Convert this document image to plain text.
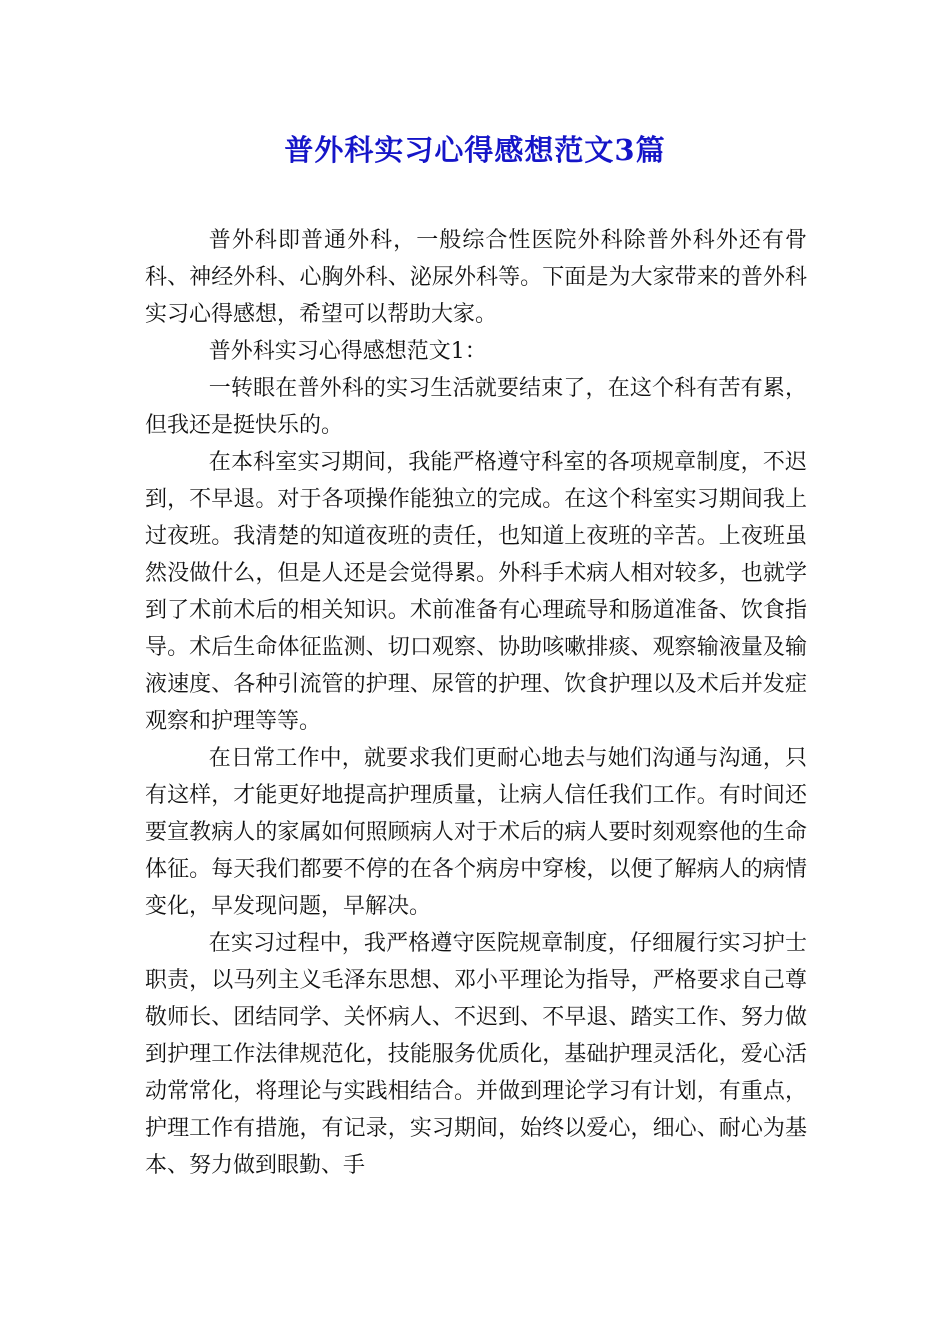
普外科实习心得感想范文3篇

普外科即普通外科，一般综合性医院外科除普外科外还有骨科、神经外科、心胸外科、泌尿外科等。下面是为大家带来的普外科实习心得感想，希望可以帮助大家。

普外科实习心得感想范文1：

一转眼在普外科的实习生活就要结束了，在这个科有苦有累，但我还是挺快乐的。

在本科室实习期间，我能严格遵守科室的各项规章制度，不迟到，不早退。对于各项操作能独立的完成。在这个科室实习期间我上过夜班。我清楚的知道夜班的责任，也知道上夜班的辛苦。上夜班虽然没做什么，但是人还是会觉得累。外科手术病人相对较多，也就学到了术前术后的相关知识。术前准备有心理疏导和肠道准备、饮食指导。术后生命体征监测、切口观察、协助咳嗽排痰、观察输液量及输液速度、各种引流管的护理、尿管的护理、饮食护理以及术后并发症观察和护理等等。

在日常工作中，就要求我们更耐心地去与她们沟通与沟通，只有这样，才能更好地提高护理质量，让病人信任我们工作。有时间还要宣教病人的家属如何照顾病人对于术后的病人要时刻观察他的生命体征。每天我们都要不停的在各个病房中穿梭，以便了解病人的病情变化，早发现问题，早解决。

在实习过程中，我严格遵守医院规章制度，仔细履行实习护士职责，以马列主义毛泽东思想、邓小平理论为指导，严格要求自己尊敬师长、团结同学、关怀病人、不迟到、不早退、踏实工作、努力做到护理工作法律规范化，技能服务优质化，基础护理灵活化，爱心活动常常化，将理论与实践相结合。并做到理论学习有计划，有重点，护理工作有措施，有记录，实习期间，始终以爱心，细心、耐心为基本、努力做到眼勤、手
